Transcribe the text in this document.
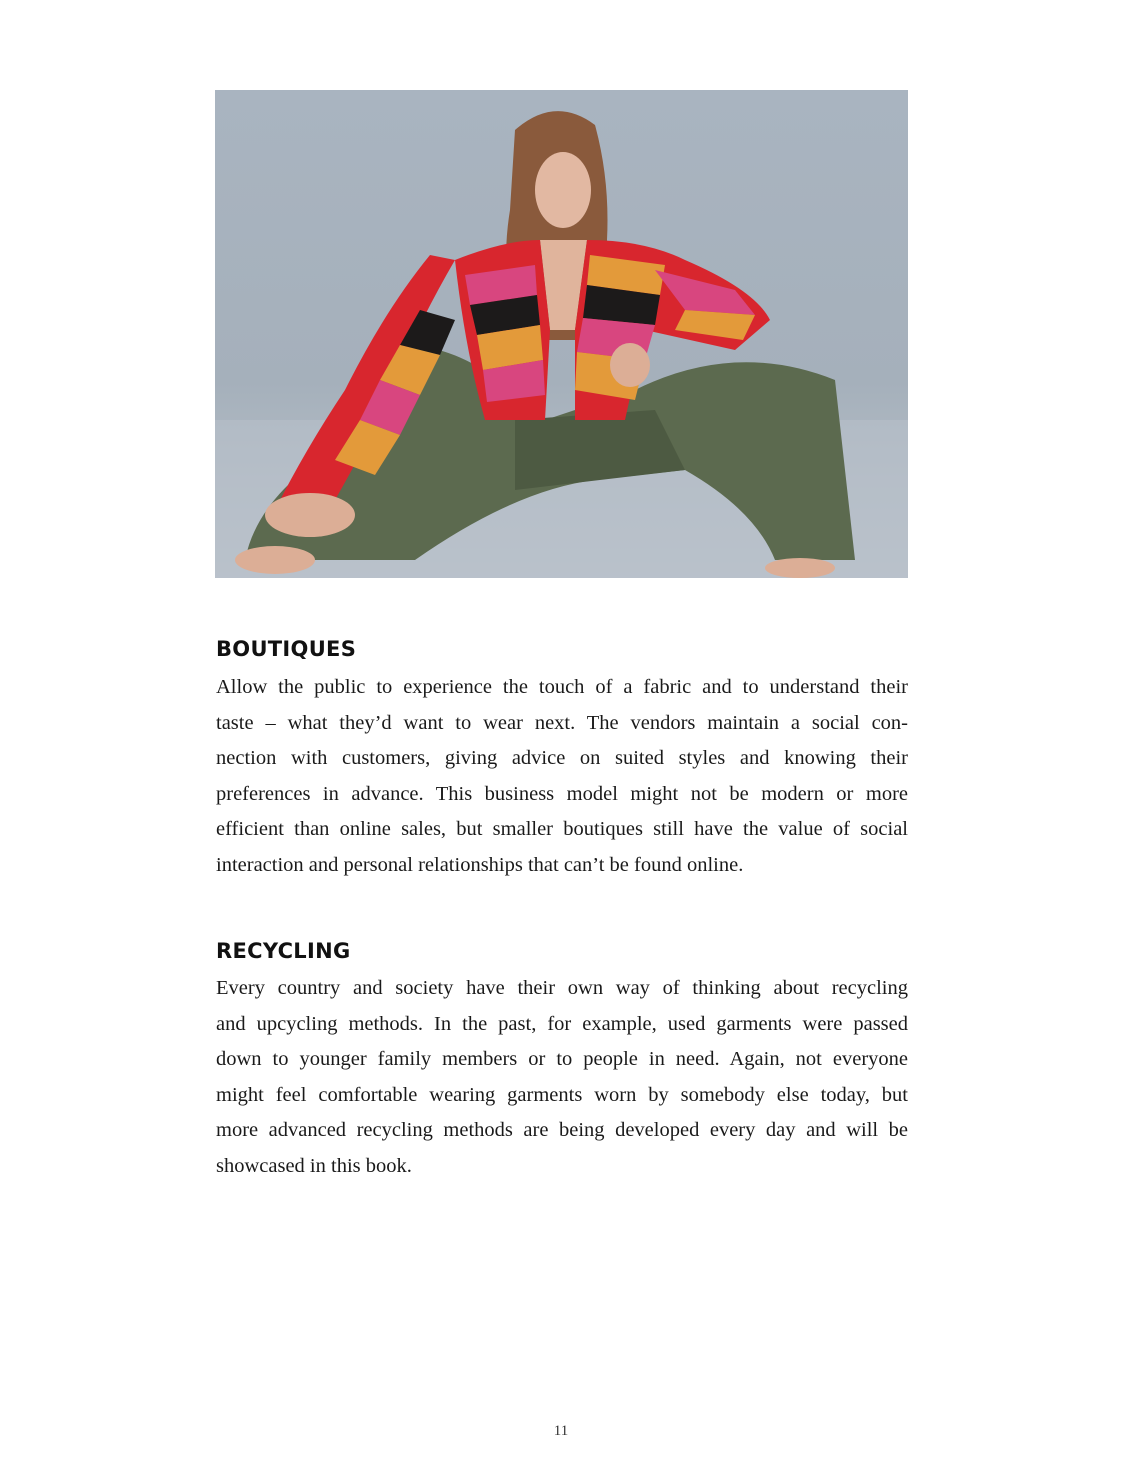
BOUTIQUES

Allow the public to experience the touch of a fabric and to understand their
taste – what they’d want to wear next. The vendors maintain a social con-
nection with customers, giving advice on suited styles and knowing their
preferences in advance. This business model might not be modern or more
efficient than online sales, but smaller boutiques still have the value of social
interaction and personal relationships that can’t be found online.

RECYCLING

Every country and society have their own way of thinking about recycling
and upcycling methods. In the past, for example, used garments were passed
down to younger family members or to people in need. Again, not everyone
might feel comfortable wearing garments worn by somebody else today, but
more advanced recycling methods are being developed every day and will be
showcased in this book.

11
